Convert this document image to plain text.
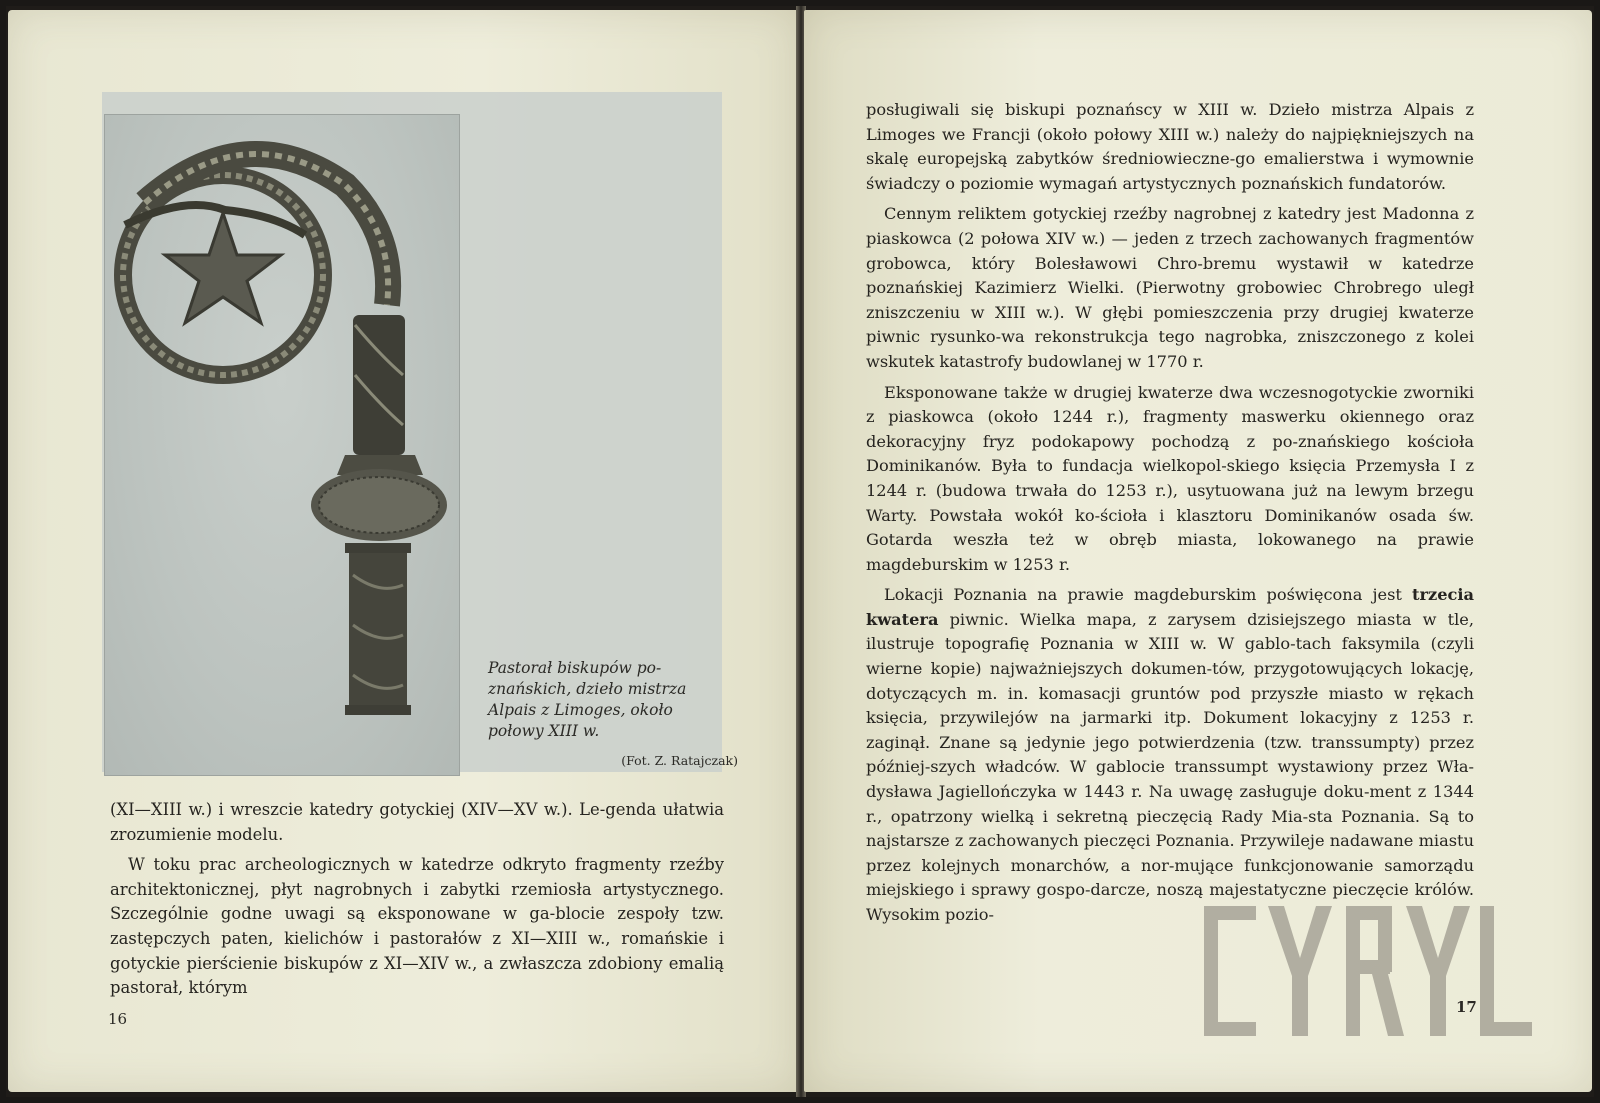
Pastorał biskupów po-
znańskich, dzieło mistrza
Alpais z Limoges, około
połowy XIII w.
(Fot. Z. Ratajczak)

(XI—XIII w.) i wreszcie katedry gotyckiej (XIV—XV w.). Le-genda ułatwia zrozumienie modelu.

W toku prac archeologicznych w katedrze odkryto fragmenty rzeźby architektonicznej, płyt nagrobnych i zabytki rzemiosła artystycznego. Szczególnie godne uwagi są eksponowane w ga-blocie zespoły tzw. zastępczych paten, kielichów i pastorałów z XI—XIII w., romańskie i gotyckie pierścienie biskupów z XI—XIV w., a zwłaszcza zdobiony emalią pastorał, którym

16

posługiwali się biskupi poznańscy w XIII w. Dzieło mistrza Alpais z Limoges we Francji (około połowy XIII w.) należy do najpiękniejszych na skalę europejską zabytków średniowieczne-go emalierstwa i wymownie świadczy o poziomie wymagań artystycznych poznańskich fundatorów.

Cennym reliktem gotyckiej rzeźby nagrobnej z katedry jest Madonna z piaskowca (2 połowa XIV w.) — jeden z trzech zachowanych fragmentów grobowca, który Bolesławowi Chro-bremu wystawił w katedrze poznańskiej Kazimierz Wielki. (Pierwotny grobowiec Chrobrego uległ zniszczeniu w XIII w.). W głębi pomieszczenia przy drugiej kwaterze piwnic rysunko-wa rekonstrukcja tego nagrobka, zniszczonego z kolei wskutek katastrofy budowlanej w 1770 r.

Eksponowane także w drugiej kwaterze dwa wczesnogotyckie zworniki z piaskowca (około 1244 r.), fragmenty maswerku okiennego oraz dekoracyjny fryz podokapowy pochodzą z po-znańskiego kościoła Dominikanów. Była to fundacja wielkopol-skiego księcia Przemysła I z 1244 r. (budowa trwała do 1253 r.), usytuowana już na lewym brzegu Warty. Powstała wokół ko-ścioła i klasztoru Dominikanów osada św. Gotarda weszła też w obręb miasta, lokowanego na prawie magdeburskim w 1253 r.

Lokacji Poznania na prawie magdeburskim poświęcona jest trzecia kwatera piwnic. Wielka mapa, z zarysem dzisiejszego miasta w tle, ilustruje topografię Poznania w XIII w. W gablo-tach faksymila (czyli wierne kopie) najważniejszych dokumen-tów, przygotowujących lokację, dotyczących m. in. komasacji gruntów pod przyszłe miasto w rękach księcia, przywilejów na jarmarki itp. Dokument lokacyjny z 1253 r. zaginął. Znane są jedynie jego potwierdzenia (tzw. transsumpty) przez później-szych władców. W gablocie transsumpt wystawiony przez Wła-dysława Jagiellończyka w 1443 r. Na uwagę zasługuje doku-ment z 1344 r., opatrzony wielką i sekretną pieczęcią Rady Mia-sta Poznania. Są to najstarsze z zachowanych pieczęci Poznania. Przywileje nadawane miastu przez kolejnych monarchów, a nor-mujące funkcjonowanie samorządu miejskiego i sprawy gospo-darcze, noszą majestatyczne pieczęcie królów. Wysokim pozio-

17
